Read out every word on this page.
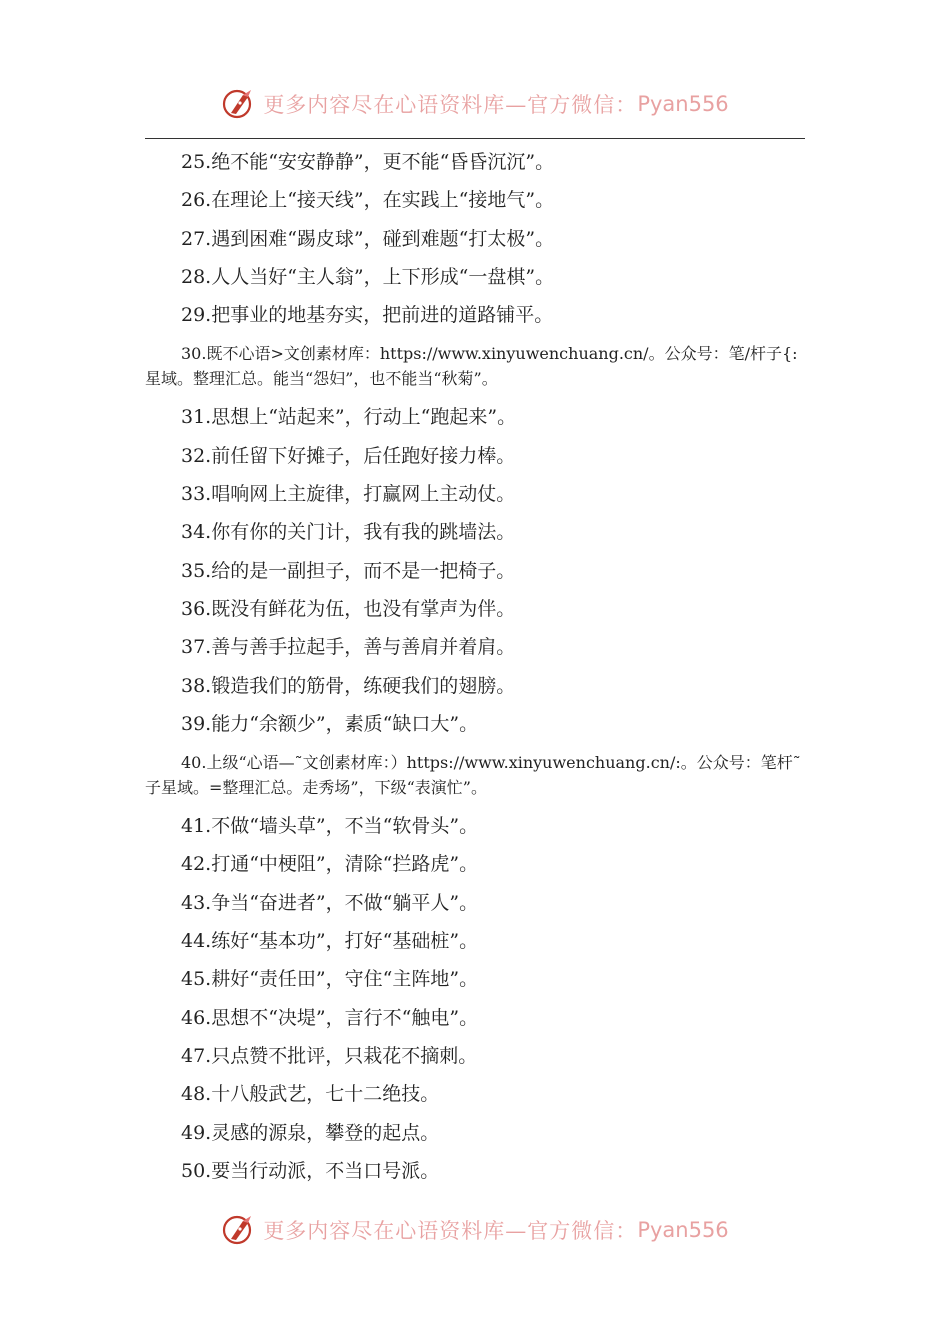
更多内容尽在心语资料库—官方微信： Pyan556
25.绝不能“安安静静”，更不能“昏昏沉沉”。
26.在理论上“接天线”，在实践上“接地气”。
27.遇到困难“踢皮球”，碰到难题“打太极”。
28.人人当好“主人翁”，上下形成“一盘棋”。
29.把事业的地基夯实，把前进的道路铺平。
30.既不心语>文创素材库：https://www.xinyuwenchuang.cn/。公众号：笔/杆子{:星域。整理汇总。能当“怨妇”，也不能当“秋菊”。
31.思想上“站起来”，行动上“跑起来”。
32.前任留下好摊子，后任跑好接力棒。
33.唱响网上主旋律，打赢网上主动仗。
34.你有你的关门计，我有我的跳墙法。
35.给的是一副担子，而不是一把椅子。
36.既没有鲜花为伍，也没有掌声为伴。
37.善与善手拉起手，善与善肩并着肩。
38.锻造我们的筋骨，练硬我们的翅膀。
39.能力“余额少”，素质“缺口大”。
40.上级“心语—˜文创素材库：）https://www.xinyuwenchuang.cn/:。公众号：笔杆˜子星域。=整理汇总。走秀场”，下级“表演忙”。
41.不做“墙头草”，不当“软骨头”。
42.打通“中梗阻”，清除“拦路虎”。
43.争当“奋进者”，不做“躺平人”。
44.练好“基本功”，打好“基础桩”。
45.耕好“责任田”，守住“主阵地”。
46.思想不“决堤”，言行不“触电”。
47.只点赞不批评，只栽花不摘刺。
48.十八般武艺，七十二绝技。
49.灵感的源泉，攀登的起点。
50.要当行动派，不当口号派。
更多内容尽在心语资料库—官方微信： Pyan556
